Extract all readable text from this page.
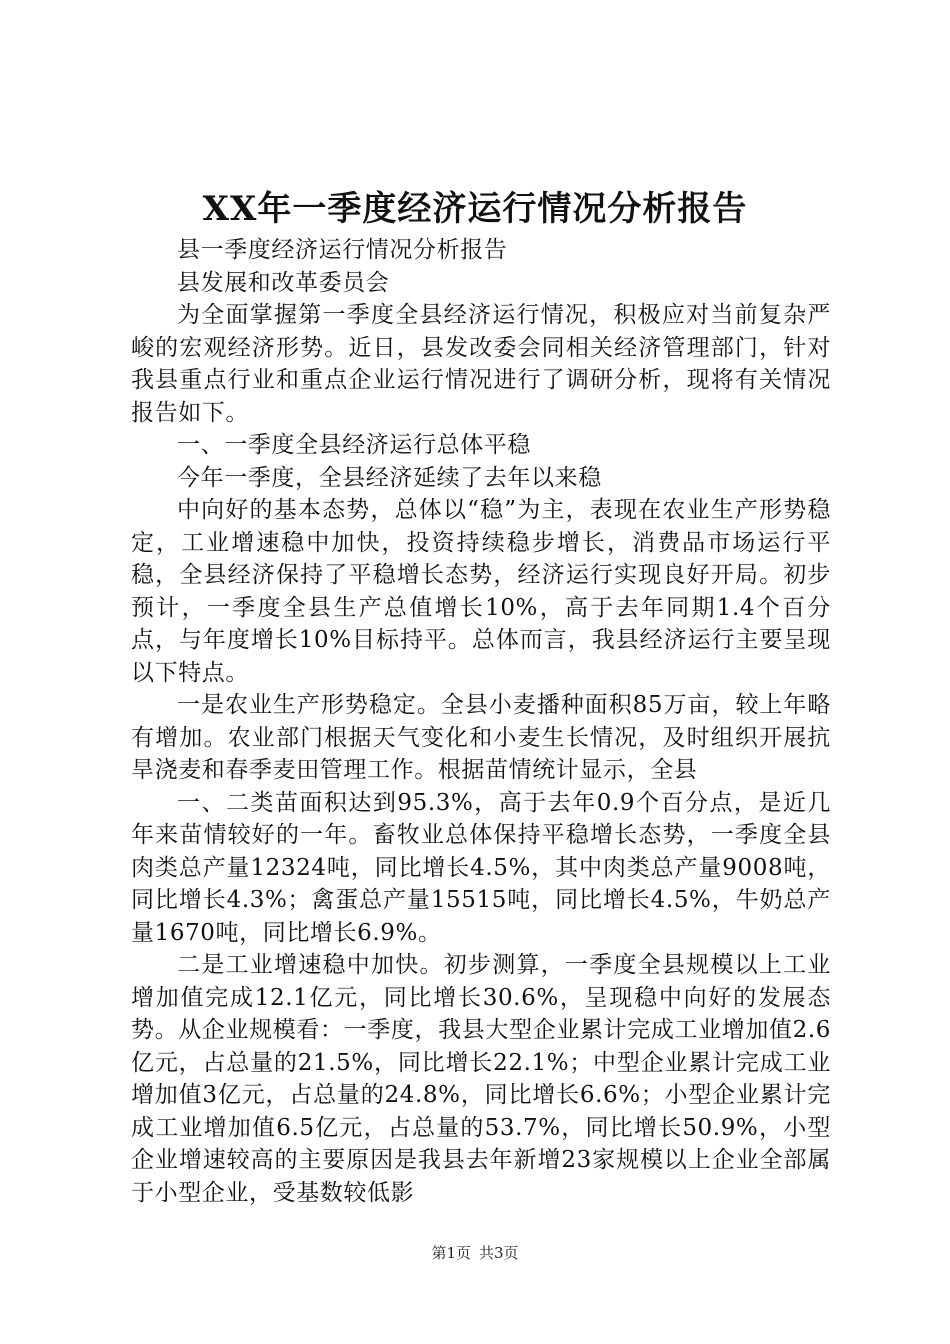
XX年一季度经济运行情况分析报告

县一季度经济运行情况分析报告

县发展和改革委员会

为全面掌握第一季度全县经济运行情况，积极应对当前复杂严峻的宏观经济形势。近日，县发改委会同相关经济管理部门，针对我县重点行业和重点企业运行情况进行了调研分析，现将有关情况报告如下。

一、一季度全县经济运行总体平稳

今年一季度，全县经济延续了去年以来稳

中向好的基本态势，总体以“稳”为主，表现在农业生产形势稳定，工业增速稳中加快，投资持续稳步增长，消费品市场运行平稳，全县经济保持了平稳增长态势，经济运行实现良好开局。初步预计，一季度全县生产总值增长10%，高于去年同期1.4个百分点，与年度增长10%目标持平。总体而言，我县经济运行主要呈现以下特点。

一是农业生产形势稳定。全县小麦播种面积85万亩，较上年略有增加。农业部门根据天气变化和小麦生长情况，及时组织开展抗旱浇麦和春季麦田管理工作。根据苗情统计显示，全县

一、二类苗面积达到95.3%，高于去年0.9个百分点，是近几年来苗情较好的一年。畜牧业总体保持平稳增长态势，一季度全县肉类总产量12324吨，同比增长4.5%，其中肉类总产量9008吨，同比增长4.3%；禽蛋总产量15515吨，同比增长4.5%，牛奶总产量1670吨，同比增长6.9%。

二是工业增速稳中加快。初步测算，一季度全县规模以上工业增加值完成12.1亿元，同比增长30.6%，呈现稳中向好的发展态势。从企业规模看：一季度，我县大型企业累计完成工业增加值2.6亿元，占总量的21.5%，同比增长22.1%；中型企业累计完成工业增加值3亿元，占总量的24.8%，同比增长6.6%；小型企业累计完成工业增加值6.5亿元，占总量的53.7%，同比增长50.9%，小型企业增速较高的主要原因是我县去年新增23家规模以上企业全部属于小型企业，受基数较低影

第1页 共3页
